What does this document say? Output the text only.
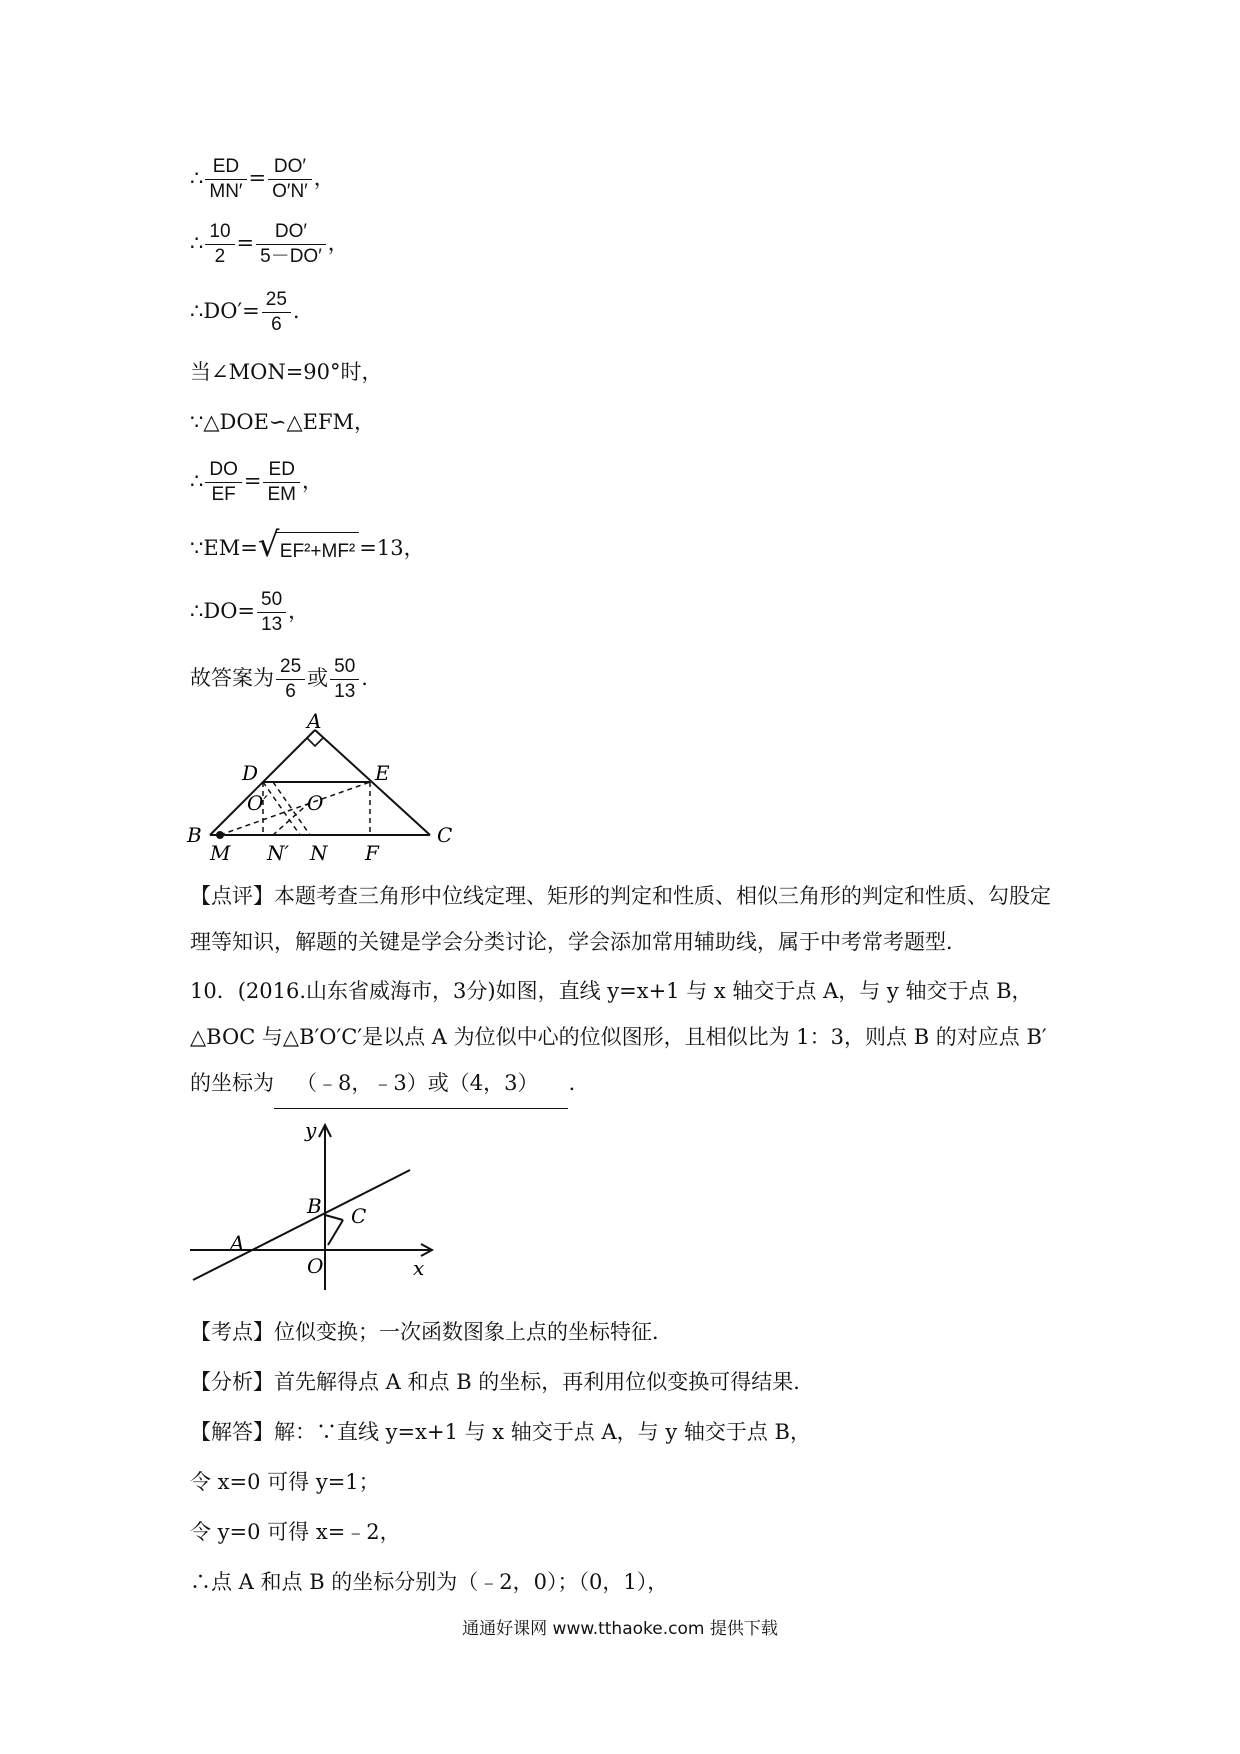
∴ $\frac{ED}{MN'} = \frac{DO'}{O'N'}$ ，
∴ $\frac{10}{2} = \frac{DO'}{5-DO'}$ ，
∴DO′= $\frac{25}{6}$ .
当∠MON=90°时，
∵△DOE∽△EFM，
∴ $\frac{DO}{EF} = \frac{ED}{EM}$ ，
∵EM= √ EF²+MF² =13，
∴DO= $\frac{50}{13}$ ，
故答案为 $\frac{25}{6}$ 或 $\frac{50}{13}$ .
A
D	E
O′ O
B
M N′ N F
C
【点评】本题考查三角形中位线定理、矩形的判定和性质、相似三角形的判定和性质、勾股定理等知识，解题的关键是学会分类讨论，学会添加常用辅助线，属于中考常考题型．
10．(2016.山东省威海市，3分)如图，直线 y=x+1 与 x 轴交于点 A，与 y 轴交于点 B，△BOC 与△B′O′C′是以点 A 为位似中心的位似图形，且相似比为 1：3，则点 B 的对应点 B′的坐标为 （﹣8，﹣3）或（4，3） .
y
B C
A
O	x
【考点】位似变换；一次函数图象上点的坐标特征．
【分析】首先解得点 A 和点 B 的坐标，再利用位似变换可得结果．
【解答】解：∵直线 y=x+1 与 x 轴交于点 A，与 y 轴交于点 B，
令 x=0 可得 y=1；
令 y=0 可得 x=﹣2，
∴点 A 和点 B 的坐标分别为（﹣2，0）；（0，1），
通通好课网 www.tthaoke.com 提供下载
